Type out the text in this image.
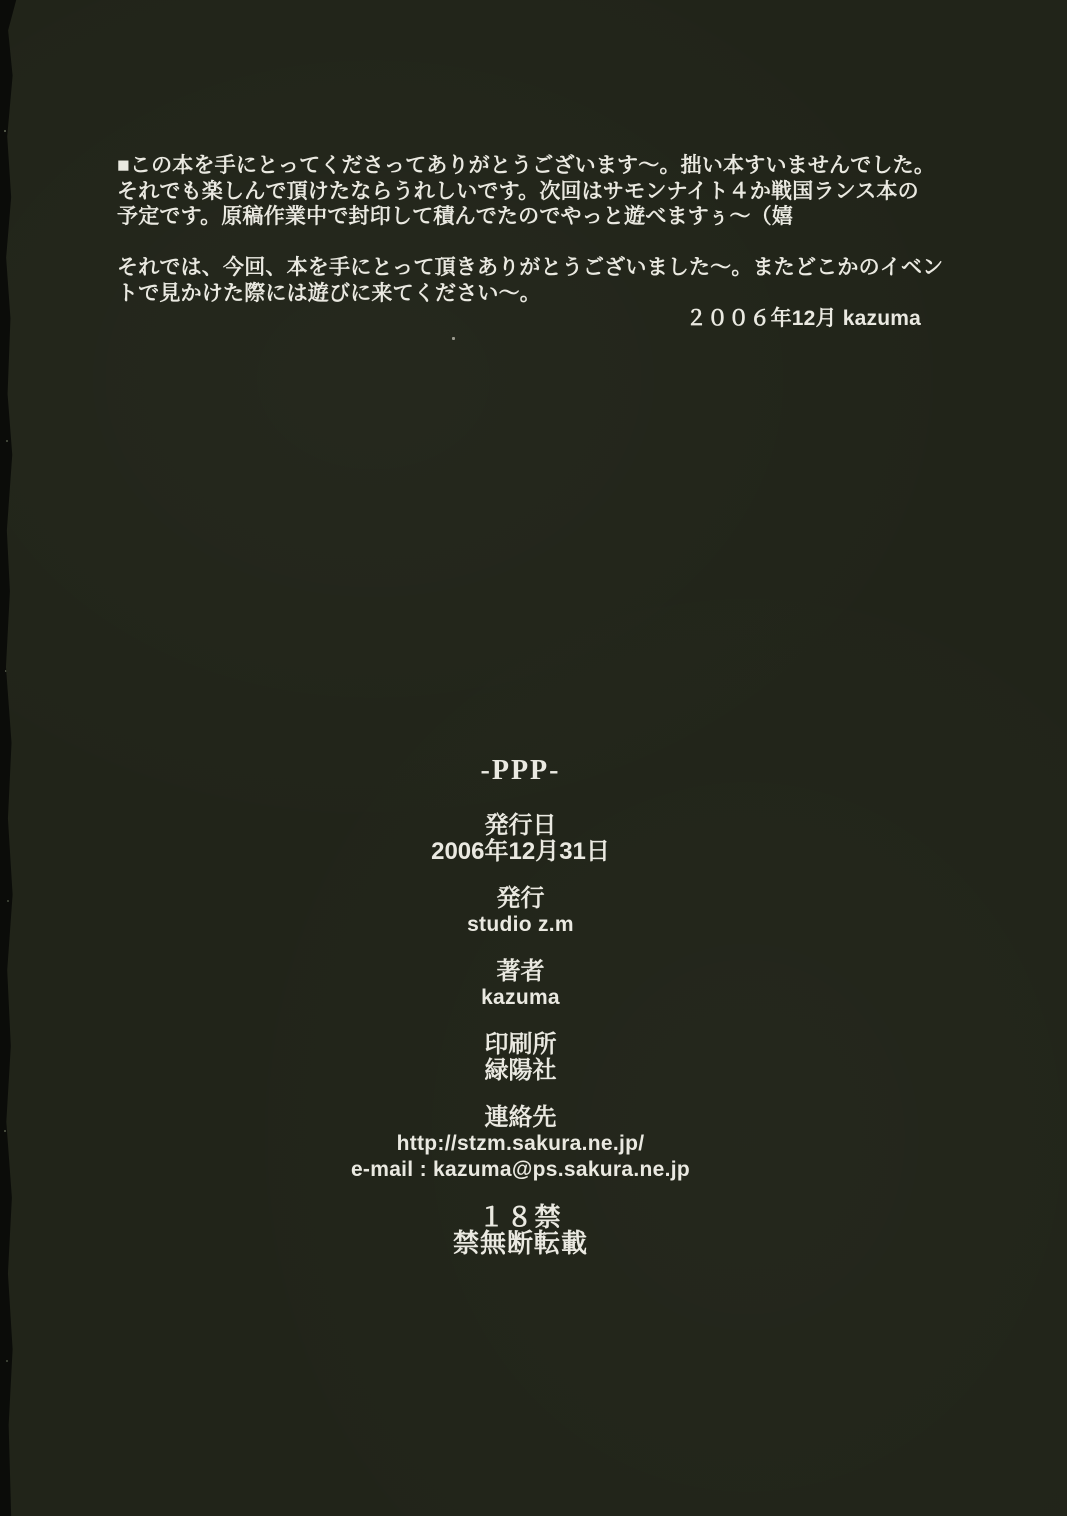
■この本を手にとってくださってありがとうございます～。拙い本すいませんでした。
それでも楽しんで頂けたならうれしいです。次回はサモンナイト４か戦国ランス本の
予定です。原稿作業中で封印して積んでたのでやっと遊べますぅ～（嬉
それでは、今回、本を手にとって頂きありがとうございました～。またどこかのイベン
トで見かけた際には遊びに来てください～。
２００６年12月 kazuma
-PPP-
発行日
2006年12月31日
発行
studio z.m
著者
kazuma
印刷所
緑陽社
連絡先
http://stzm.sakura.ne.jp/
e-mail : kazuma@ps.sakura.ne.jp
１８禁
禁無断転載
